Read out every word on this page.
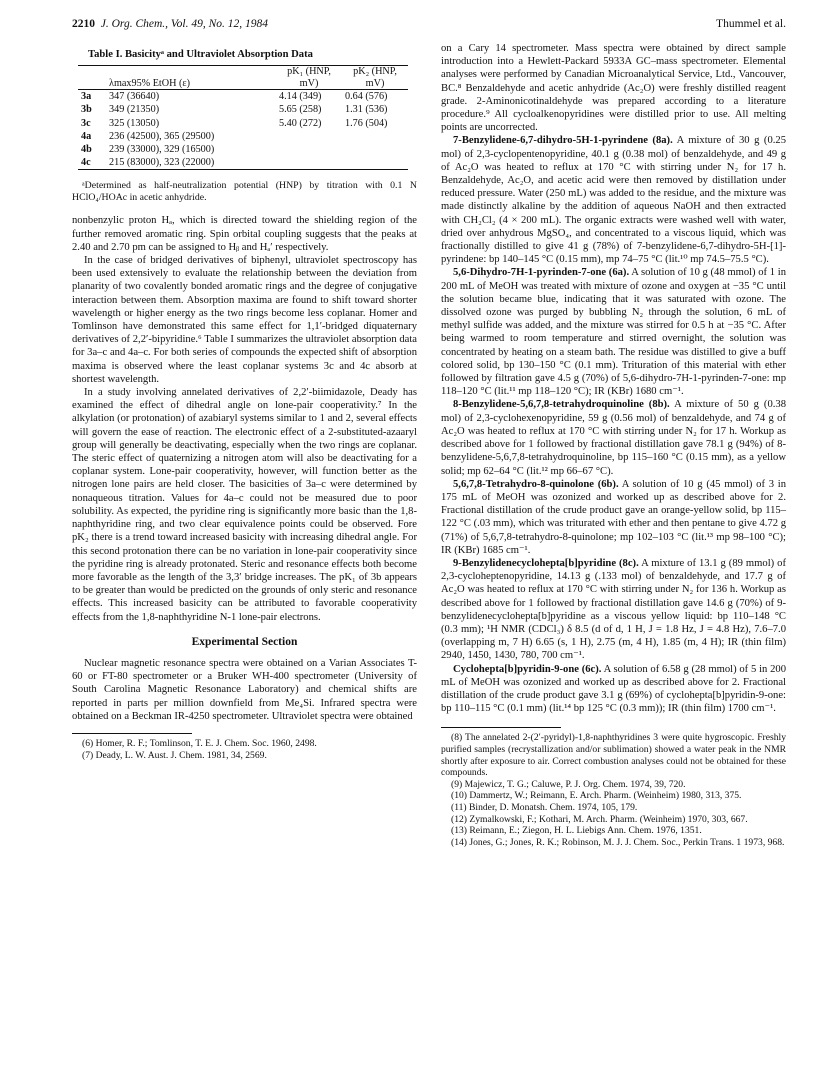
2210 J. Org. Chem., Vol. 49, No. 12, 1984	Thummel et al.
Table I. Basicityᵃ and Ultraviolet Absorption Data

	λmax95% EtOH (ε)	pK₁ (HNP, mV)	pK₂ (HNP, mV)

3a	347 (36640)	4.14 (349)	0.64 (576)
3b	349 (21350)	5.65 (258)	1.31 (536)
3c	325 (13050)	5.40 (272)	1.76 (504)
4a	236 (42500), 365 (29500)		
4b	239 (33000), 329 (16500)		
4c	215 (83000), 323 (22000)		

ᵃDetermined as half-neutralization potential (HNP) by titration with 0.1 N HClO₄/HOAc in acetic anhydride.

nonbenzylic proton Hₐ, which is directed toward the shielding region of the further removed aromatic ring. Spin orbital coupling suggests that the peaks at 2.40 and 2.70 pm can be assigned to Hᵦ and Hₐ′ respectively.

In the case of bridged derivatives of biphenyl, ultraviolet spectroscopy has been used extensively to evaluate the relationship between the deviation from planarity of two covalently bonded aromatic rings and the degree of conjugative interaction between them. Absorption maxima are found to shift toward shorter wavelength or higher energy as the two rings become less coplanar. Homer and Tomlinson have demonstrated this same effect for 1,1′-bridged diquaternary derivatives of 2,2′-bipyridine.⁶ Table I summarizes the ultraviolet absorption data for 3a–c and 4a–c. For both series of compounds the expected shift of absorption maxima is observed where the least coplanar systems 3c and 4c absorb at shortest wavelength.

In a study involving annelated derivatives of 2,2′-biimidazole, Deady has examined the effect of dihedral angle on lone-pair cooperativity.⁷ In the alkylation (or protonation) of azabiaryl systems similar to 1 and 2, several effects will govern the ease of reaction. The electronic effect of a 2-substituted-azaaryl group will generally be deactivating, especially when the two rings are coplanar. The steric effect of quaternizing a nitrogen atom will also be deactivating for a coplanar system. Lone-pair cooperativity, however, will function better as the nitrogen lone pairs are held closer. The basicities of 3a–c were determined by nonaqueous titration. Values for 4a–c could not be measured due to poor solubility. As expected, the pyridine ring is significantly more basic than the 1,8-naphthyridine ring, and two clear equivalence points could be observed. Fore pK₂ there is a trend toward increased basicity with increasing dihedral angle. For this second protonation there can be no variation in lone-pair cooperativity since the pyridine ring is already protonated. Steric and resonance effects both become more favorable as the length of the 3,3′ bridge increases. The pK₁ of 3b appears to be greater than would be predicted on the grounds of only steric and resonance effects. This increased basicity can be attributed to favorable cooperativity effects from the 1,8-naphthyridine N-1 lone-pair electrons.

Experimental Section

Nuclear magnetic resonance spectra were obtained on a Varian Associates T-60 or FT-80 spectrometer or a Bruker WH-400 spectrometer (University of South Carolina Magnetic Resonance Laboratory) and chemical shifts are reported in parts per million downfield from Me₄Si. Infrared spectra were obtained on a Beckman IR-4250 spectrometer. Ultraviolet spectra were obtained

(6) Homer, R. F.; Tomlinson, T. E. J. Chem. Soc. 1960, 2498.
(7) Deady, L. W. Aust. J. Chem. 1981, 34, 2569.

on a Cary 14 spectrometer. Mass spectra were obtained by direct sample introduction into a Hewlett-Packard 5933A GC–mass spectrometer. Elemental analyses were performed by Canadian Microanalytical Service, Ltd., Vancouver, BC.⁸ Benzaldehyde and acetic anhydride (Ac₂O) were freshly distilled reagent grade. 2-Aminonicotinaldehyde was prepared according to a literature procedure.⁹ All cycloalkenopyridines were distilled prior to use. All melting points are uncorrected.

7-Benzylidene-6,7-dihydro-5H-1-pyrindene (8a). A mixture of 30 g (0.25 mol) of 2,3-cyclopentenopyridine, 40.1 g (0.38 mol) of benzaldehyde, and 49 g of Ac₂O was heated to reflux at 170 °C with stirring under N₂ for 17 h. Benzaldehyde, Ac₂O, and acetic acid were then removed by distillation under reduced pressure. Water (250 mL) was added to the residue, and the mixture was made distinctly alkaline by the addition of aqueous NaOH and then extracted with CH₂Cl₂ (4 × 200 mL). The organic extracts were washed well with water, dried over anhydrous MgSO₄, and concentrated to a viscous liquid, which was fractionally distilled to give 41 g (78%) of 7-benzylidene-6,7-dihydro-5H-[1]-pyrindene: bp 140–145 °C (0.15 mm), mp 74–75 °C (lit.¹⁰ mp 74.5–75.5 °C).

5,6-Dihydro-7H-1-pyrinden-7-one (6a). A solution of 10 g (48 mmol) of 1 in 200 mL of MeOH was treated with mixture of ozone and oxygen at −35 °C until the solution became blue, indicating that it was saturated with ozone. The dissolved ozone was purged by bubbling N₂ through the solution, 6 mL of methyl sulfide was added, and the mixture was stirred for 0.5 h at −35 °C. After being warmed to room temperature and stirred overnight, the solution was concentrated by heating on a steam bath. The residue was distilled to give a buff colored solid, bp 130–150 °C (0.1 mm). Trituration of this material with ether followed by filtration gave 4.5 g (70%) of 5,6-dihydro-7H-1-pyrinden-7-one: mp 118–120 °C (lit.¹¹ mp 118–120 °C); IR (KBr) 1680 cm⁻¹.

8-Benzylidene-5,6,7,8-tetrahydroquinoline (8b). A mixture of 50 g (0.38 mol) of 2,3-cyclohexenopyridine, 59 g (0.56 mol) of benzaldehyde, and 74 g of Ac₂O was heated to reflux at 170 °C with stirring under N₂ for 17 h. Workup as described above for 1 followed by fractional distillation gave 78.1 g (94%) of 8-benzylidene-5,6,7,8-tetrahydroquinoline, bp 115–160 °C (0.15 mm), as a yellow solid; mp 62–64 °C (lit.¹² mp 66–67 °C).

5,6,7,8-Tetrahydro-8-quinolone (6b). A solution of 10 g (45 mmol) of 3 in 175 mL of MeOH was ozonized and worked up as described above for 2. Fractional distillation of the crude product gave an orange-yellow solid, bp 115–122 °C (.03 mm), which was triturated with ether and then pentane to give 4.72 g (71%) of 5,6,7,8-tetrahydro-8-quinolone; mp 102–103 °C (lit.¹³ mp 98–100 °C); IR (KBr) 1685 cm⁻¹.

9-Benzylidenecyclohepta[b]pyridine (8c). A mixture of 13.1 g (89 mmol) of 2,3-cycloheptenopyridine, 14.13 g (.133 mol) of benzaldehyde, and 17.7 g of Ac₂O was heated to reflux at 170 °C with stirring under N₂ for 136 h. Workup as described above for 1 followed by fractional distillation gave 14.6 g (70%) of 9-benzylidenecyclohepta[b]pyridine as a viscous yellow liquid: bp 110–148 °C (0.3 mm); ¹H NMR (CDCl₃) δ 8.5 (d of d, 1 H, J = 1.8 Hz, J = 4.8 Hz), 7.6–7.0 (overlapping m, 7 H) 6.65 (s, 1 H), 2.75 (m, 4 H), 1.85 (m, 4 H); IR (thin film) 2940, 1450, 1430, 780, 700 cm⁻¹.

Cyclohepta[b]pyridin-9-one (6c). A solution of 6.58 g (28 mmol) of 5 in 200 mL of MeOH was ozonized and worked up as described above for 2. Fractional distillation of the crude product gave 3.1 g (69%) of cyclohepta[b]pyridin-9-one: bp 110–115 °C (0.1 mm) (lit.¹⁴ bp 125 °C (0.3 mm)); IR (thin film) 1700 cm⁻¹.

(8) The annelated 2-(2′-pyridyl)-1,8-naphthyridines 3 were quite hygroscopic. Freshly purified samples (recrystallization and/or sublimation) showed a water peak in the NMR shortly after exposure to air. Correct combustion analyses could not be obtained for these compounds.
(9) Majewicz, T. G.; Caluwe, P. J. Org. Chem. 1974, 39, 720.
(10) Dammertz, W.; Reimann, E. Arch. Pharm. (Weinheim) 1980, 313, 375.
(11) Binder, D. Monatsh. Chem. 1974, 105, 179.
(12) Zymalkowski, F.; Kothari, M. Arch. Pharm. (Weinheim) 1970, 303, 667.
(13) Reimann, E.; Ziegon, H. L. Liebigs Ann. Chem. 1976, 1351.
(14) Jones, G.; Jones, R. K.; Robinson, M. J. J. Chem. Soc., Perkin Trans. 1 1973, 968.
